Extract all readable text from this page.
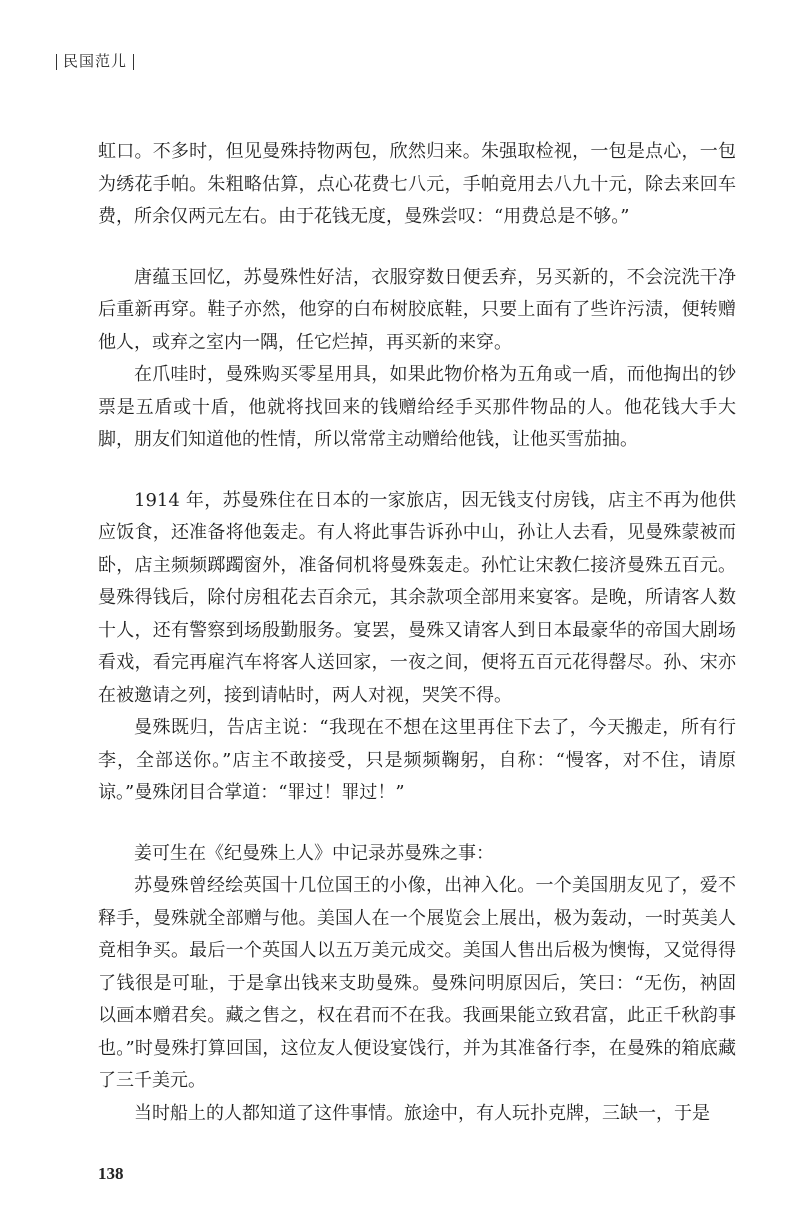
民国范儿

虹口。不多时，但见曼殊持物两包，欣然归来。朱强取检视，一包是点心，一包为绣花手帕。朱粗略估算，点心花费七八元，手帕竟用去八九十元，除去来回车费，所余仅两元左右。由于花钱无度，曼殊尝叹：“用费总是不够。”

唐蕴玉回忆，苏曼殊性好洁，衣服穿数日便丢弃，另买新的，不会浣洗干净后重新再穿。鞋子亦然，他穿的白布树胶底鞋，只要上面有了些许污渍，便转赠他人，或弃之室内一隅，任它烂掉，再买新的来穿。

在爪哇时，曼殊购买零星用具，如果此物价格为五角或一盾，而他掏出的钞票是五盾或十盾，他就将找回来的钱赠给经手买那件物品的人。他花钱大手大脚，朋友们知道他的性情，所以常常主动赠给他钱，让他买雪茄抽。

1914 年，苏曼殊住在日本的一家旅店，因无钱支付房钱，店主不再为他供应饭食，还准备将他轰走。有人将此事告诉孙中山，孙让人去看，见曼殊蒙被而卧，店主频频踯躅窗外，准备伺机将曼殊轰走。孙忙让宋教仁接济曼殊五百元。曼殊得钱后，除付房租花去百余元，其余款项全部用来宴客。是晚，所请客人数十人，还有警察到场殷勤服务。宴罢，曼殊又请客人到日本最豪华的帝国大剧场看戏，看完再雇汽车将客人送回家，一夜之间，便将五百元花得罄尽。孙、宋亦在被邀请之列，接到请帖时，两人对视，哭笑不得。

曼殊既归，告店主说：“我现在不想在这里再住下去了，今天搬走，所有行李，全部送你。”店主不敢接受，只是频频鞠躬，自称：“慢客，对不住，请原谅。”曼殊闭目合掌道：“罪过！罪过！”

姜可生在《纪曼殊上人》中记录苏曼殊之事：

苏曼殊曾经绘英国十几位国王的小像，出神入化。一个美国朋友见了，爱不释手，曼殊就全部赠与他。美国人在一个展览会上展出，极为轰动，一时英美人竟相争买。最后一个英国人以五万美元成交。美国人售出后极为懊悔，又觉得得了钱很是可耻，于是拿出钱来支助曼殊。曼殊问明原因后，笑曰：“无伤，衲固以画本赠君矣。藏之售之，权在君而不在我。我画果能立致君富，此正千秋韵事也。”时曼殊打算回国，这位友人便设宴饯行，并为其准备行李，在曼殊的箱底藏了三千美元。

当时船上的人都知道了这件事情。旅途中，有人玩扑克牌，三缺一，于是

138
